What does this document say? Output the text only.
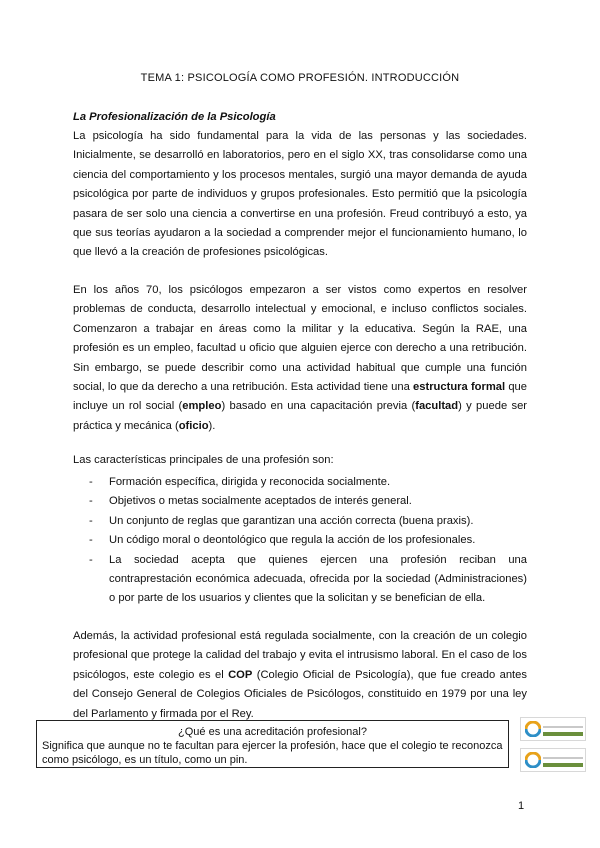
TEMA 1: PSICOLOGÍA COMO PROFESIÓN. INTRODUCCIÓN
La Profesionalización de la Psicología

La psicología ha sido fundamental para la vida de las personas y las sociedades. Inicialmente, se desarrolló en laboratorios, pero en el siglo XX, tras consolidarse como una ciencia del comportamiento y los procesos mentales, surgió una mayor demanda de ayuda psicológica por parte de individuos y grupos profesionales. Esto permitió que la psicología pasara de ser solo una ciencia a convertirse en una profesión. Freud contribuyó a esto, ya que sus teorías ayudaron a la sociedad a comprender mejor el funcionamiento humano, lo que llevó a la creación de profesiones psicológicas.

En los años 70, los psicólogos empezaron a ser vistos como expertos en resolver problemas de conducta, desarrollo intelectual y emocional, e incluso conflictos sociales. Comenzaron a trabajar en áreas como la militar y la educativa. Según la RAE, una profesión es un empleo, facultad u oficio que alguien ejerce con derecho a una retribución. Sin embargo, se puede describir como una actividad habitual que cumple una función social, lo que da derecho a una retribución. Esta actividad tiene una estructura formal que incluye un rol social (empleo) basado en una capacitación previa (facultad) y puede ser práctica y mecánica (oficio).

Las características principales de una profesión son:
- Formación específica, dirigida y reconocida socialmente.
- Objetivos o metas socialmente aceptados de interés general.
- Un conjunto de reglas que garantizan una acción correcta (buena praxis).
- Un código moral o deontológico que regula la acción de los profesionales.
- La sociedad acepta que quienes ejercen una profesión reciban una contraprestación económica adecuada, ofrecida por la sociedad (Administraciones) o por parte de los usuarios y clientes que la solicitan y se benefician de ella.

Además, la actividad profesional está regulada socialmente, con la creación de un colegio profesional que protege la calidad del trabajo y evita el intrusismo laboral. En el caso de los psicólogos, este colegio es el COP (Colegio Oficial de Psicología), que fue creado antes del Consejo General de Colegios Oficiales de Psicólogos, constituido en 1979 por una ley del Parlamento y firmada por el Rey.

¿Qué es una acreditación profesional?
Significa que aunque no te facultan para ejercer la profesión, hace que el colegio te reconozca como psicólogo, es un título, como un pin.
1
